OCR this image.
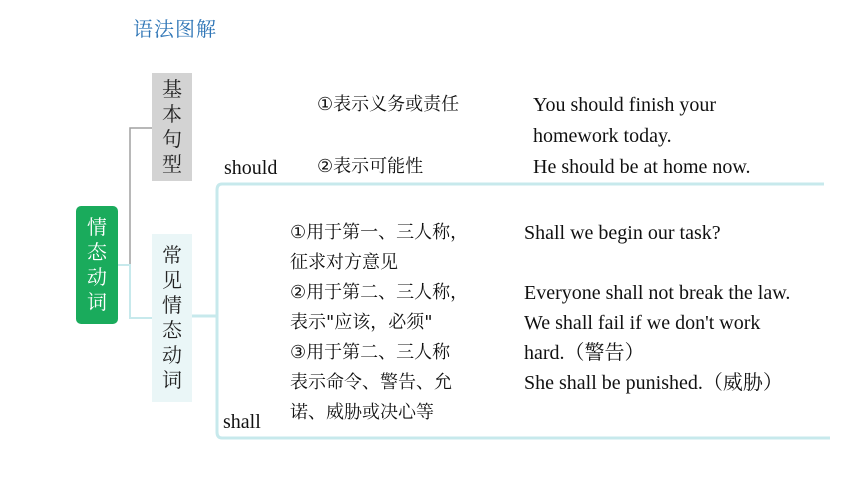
语法图解
情
态
动
词
基
本
句
型
常
见
情
态
动
词
should
①表示义务或责任	You should finish your
homework today.
②表示可能性	He should be at home now.
shall
①用于第一、三人称，
征求对方意见
②用于第二、三人称，
表示"应该，必须"
③用于第二、三人称
表示命令、警告、允
诺、威胁或决心等
Shall we begin our task?
Everyone shall not break the law.
We shall fail if we don't work
hard.（警告）
She shall be punished.（威胁）
